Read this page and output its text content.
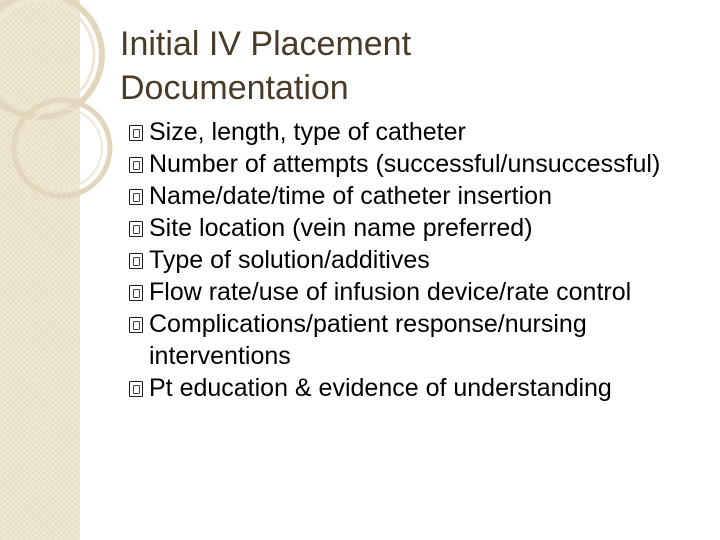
Initial IV Placement
Documentation
Size, length, type of catheter
Number of attempts (successful/unsuccessful)
Name/date/time of catheter insertion
Site location (vein name preferred)
Type of solution/additives
Flow rate/use of infusion device/rate control
Complications/patient response/nursing interventions
Pt education & evidence of understanding
